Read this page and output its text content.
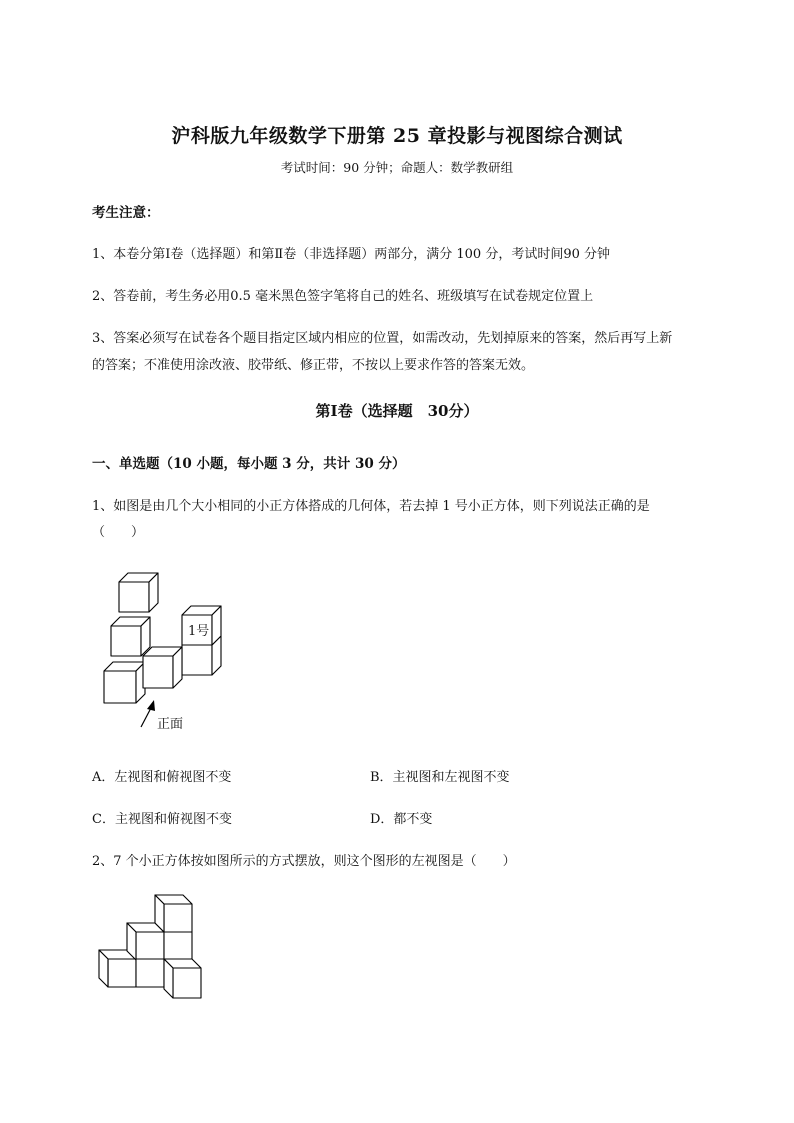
沪科版九年级数学下册第 25 章投影与视图综合测试
考试时间：90 分钟；命题人：数学教研组
考生注意：
1、本卷分第Ⅰ卷（选择题）和第Ⅱ卷（非选择题）两部分，满分 100 分，考试时间90 分钟
2、答卷前，考生务必用0.5 毫米黑色签字笔将自己的姓名、班级填写在试卷规定位置上
3、答案必须写在试卷各个题目指定区域内相应的位置，如需改动，先划掉原来的答案，然后再写上新
的答案；不准使用涂改液、胶带纸、修正带，不按以上要求作答的答案无效。
第Ⅰ卷（选择题　30分）
一、单选题（10 小题，每小题 3 分，共计 30 分）
1、如图是由几个大小相同的小正方体搭成的几何体，若去掉 1 号小正方体，则下列说法正确的是
（　　）
1号
正面
A．左视图和俯视图不变	B．主视图和左视图不变
C．主视图和俯视图不变	D．都不变
2、7 个小正方体按如图所示的方式摆放，则这个图形的左视图是（　　）
